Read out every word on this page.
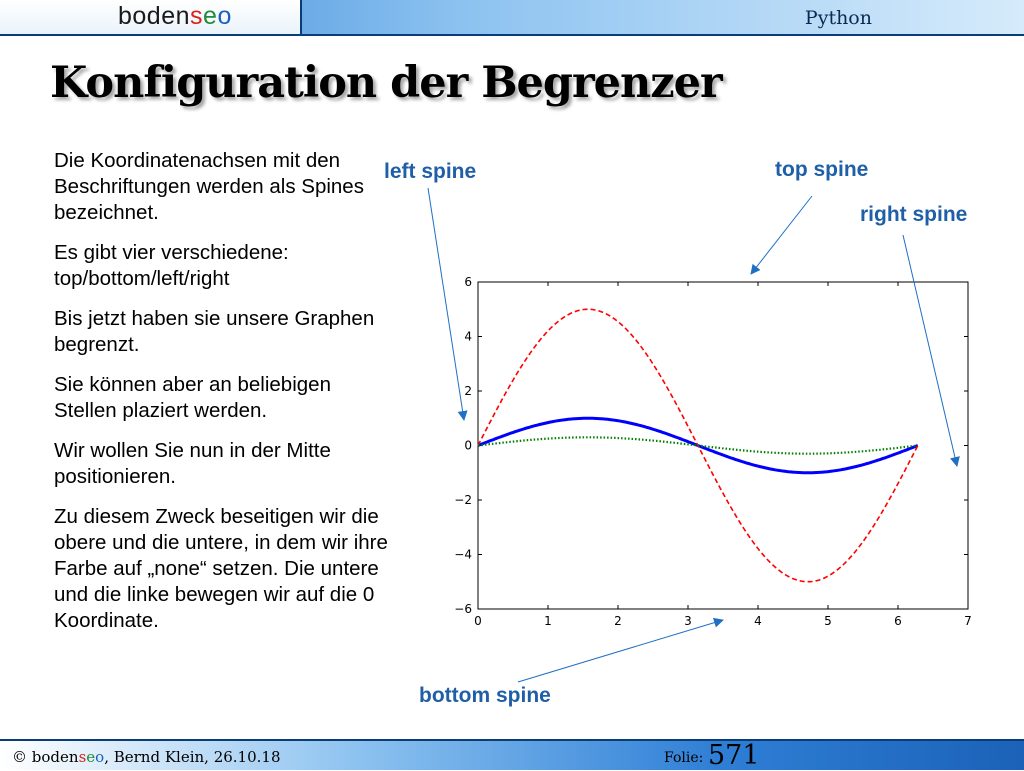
bodenseo	Python
Konfiguration der Begrenzer

Die Koordinatenachsen mit den Beschriftungen werden als Spines bezeichnet.

Es gibt vier verschiedene: top/bottom/left/right

Bis jetzt haben sie unsere Graphen begrenzt.

Sie können aber an beliebigen Stellen plaziert werden.

Wir wollen Sie nun in der Mitte positionieren.

Zu diesem Zweck beseitigen wir die obere und die untere, in dem wir ihre Farbe auf „none“ setzen. Die untere und die linke bewegen wir auf die 0 Koordinate.

left spine	top spine
right spine
bottom spine
0	1	2	3	4	5	6	7
6
4
2
0
−2
−4
−6
© bodenseo, Bernd Klein, 26.10.18	Folie: 571
